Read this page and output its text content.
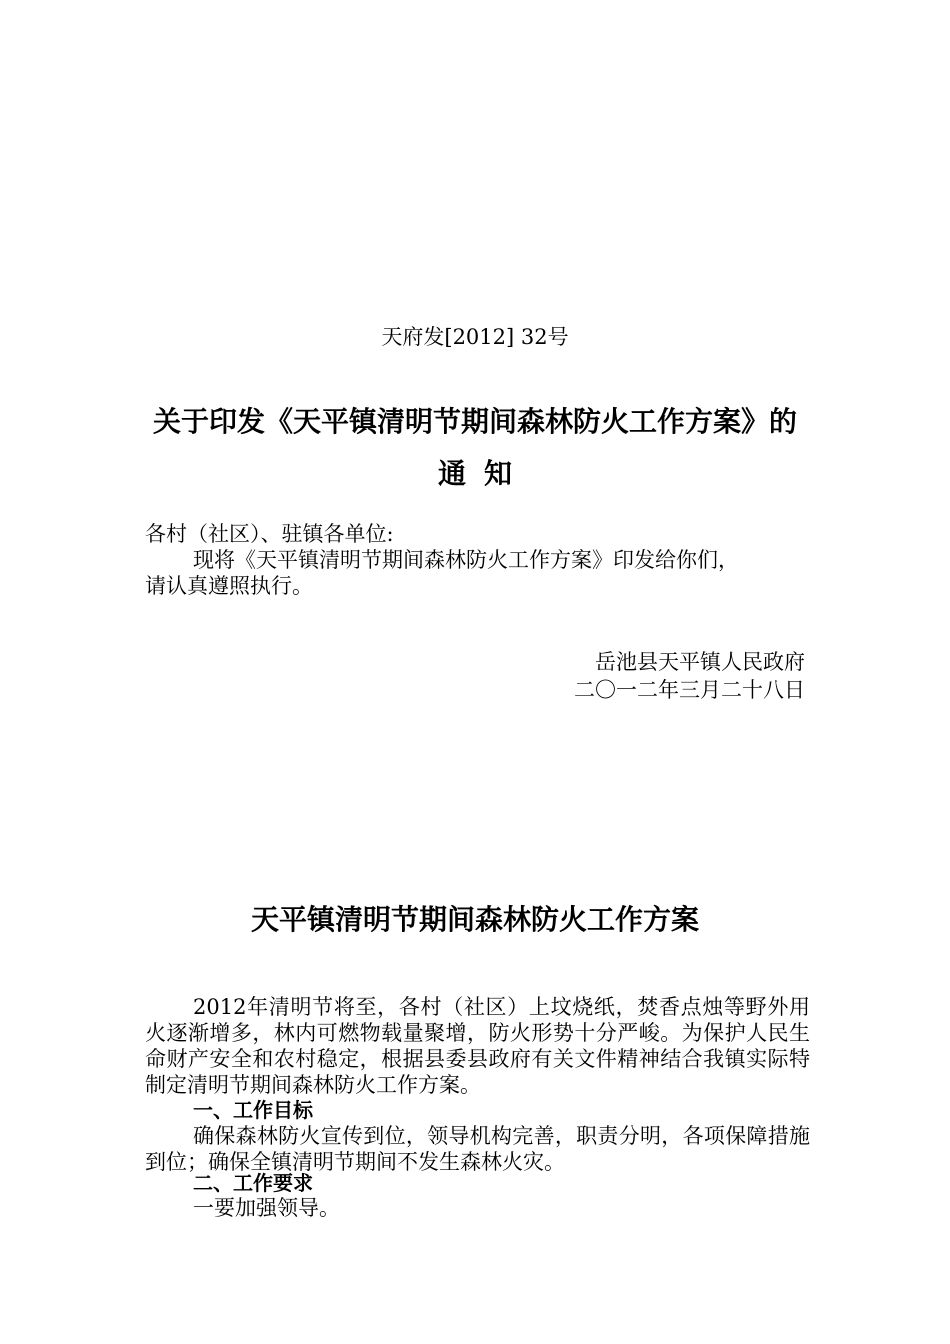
天府发[2012] 32号
关于印发《天平镇清明节期间森林防火工作方案》的
通知
各村（社区）、驻镇各单位:
现将《天平镇清明节期间森林防火工作方案》印发给你们，
请认真遵照执行。
岳池县天平镇人民政府
二〇一二年三月二十八日
天平镇清明节期间森林防火工作方案
2012年清明节将至，各村（社区）上坟烧纸，焚香点烛等野外用火逐渐增多，林内可燃物载量聚增，防火形势十分严峻。为保护人民生命财产安全和农村稳定，根据县委县政府有关文件精神结合我镇实际特制定清明节期间森林防火工作方案。
一、工作目标
确保森林防火宣传到位，领导机构完善，职责分明，各项保障措施到位；确保全镇清明节期间不发生森林火灾。
二、工作要求
一要加强领导。
